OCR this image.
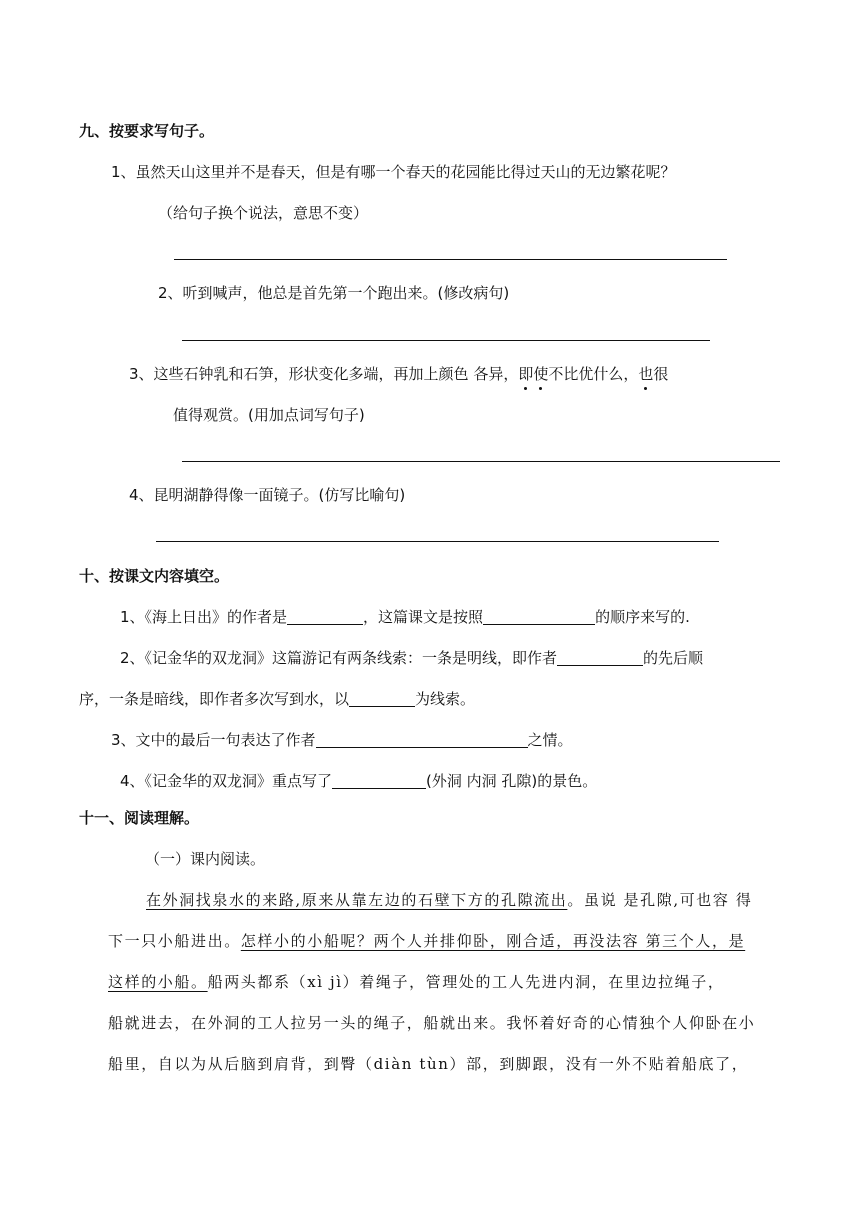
九、按要求写句子。
1、虽然天山这里并不是春天，但是有哪一个春天的花园能比得过天山的无边繁花呢？
（给句子换个说法，意思不变）
2、听到喊声，他总是首先第一个跑出来。(修改病句)
3、这些石钟乳和石笋，形状变化多端，再加上颜色 各异，即使不比优什么，也很
值得观赏。(用加点词写句子)
4、昆明湖静得像一面镜子。(仿写比喻句)
十、按课文内容填空。
1、《海上日出》的作者是	，这篇课文是按照	的顺序来写的.
2、《记金华的双龙洞》这篇游记有两条线索：一条是明线，即作者	的先后顺
序，一条是暗线，即作者多次写到水，以	为线索。
3、文中的最后一句表达了作者	之情。
4、《记金华的双龙洞》重点写了	(外洞 内洞 孔隙)的景色。
十一、阅读理解。
（一）课内阅读。
在外洞找泉水的来路,原来从靠左边的石壁下方的孔隙流出。虽说 是孔隙,可也容 得
下一只小船进出。怎样小的小船呢？两个人并排仰卧，刚合适，再没法容 第三个人，是
这样的小船。船两头都系（xì jì）着绳子，管理处的工人先进内洞，在里边拉绳子，
船就进去，在外洞的工人拉另一头的绳子，船就出来。我怀着好奇的心情独个人仰卧在小
船里，自以为从后脑到肩背，到臀（diàn tùn）部，到脚跟，没有一外不贴着船底了，
